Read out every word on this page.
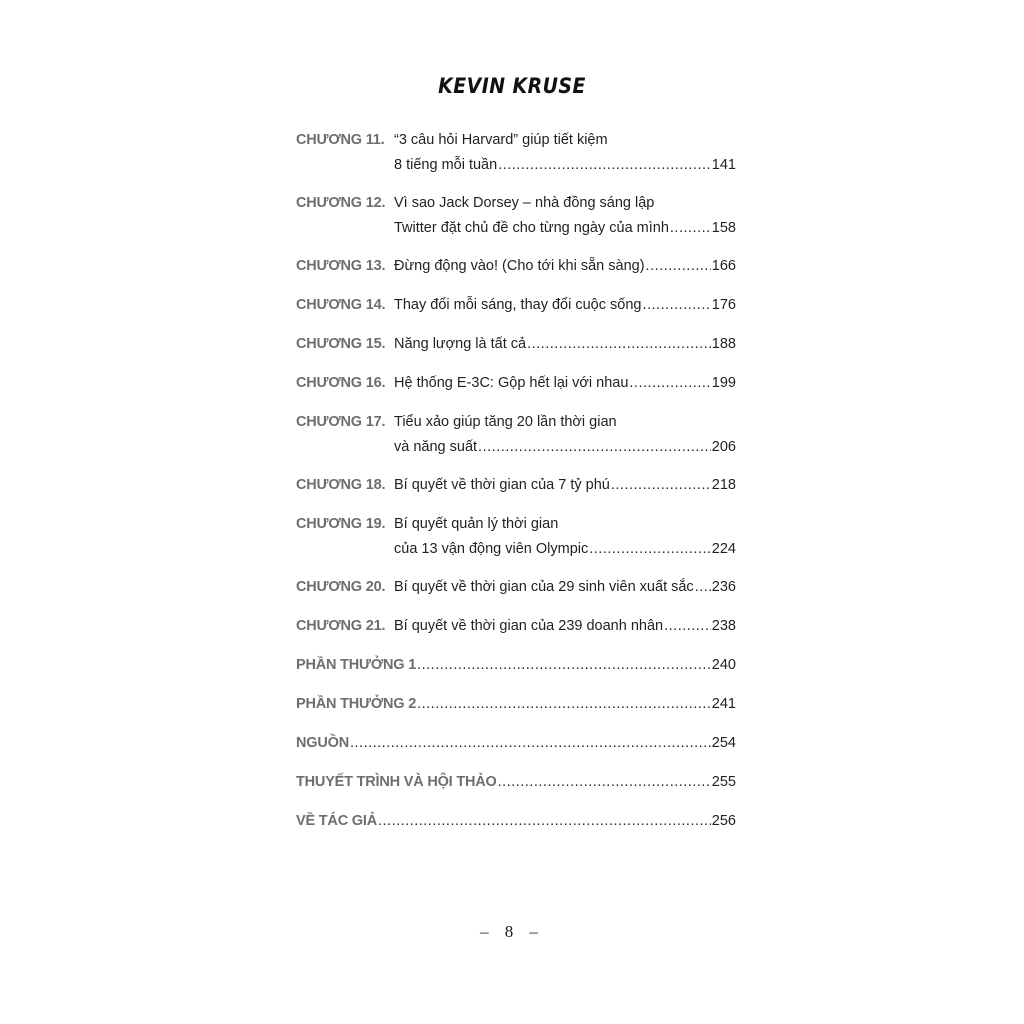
KEVIN KRUSE
CHƯƠNG 11. “3 câu hỏi Harvard” giúp tiết kiệm
8 tiếng mỗi tuần .....	141
CHƯƠNG 12. Vì sao Jack Dorsey – nhà đồng sáng lập
Twitter đặt chủ đề cho từng ngày của mình .....	158
CHƯƠNG 13. Đừng động vào! (Cho tới khi sẵn sàng) .....	166
CHƯƠNG 14. Thay đổi mỗi sáng, thay đổi cuộc sống .....	176
CHƯƠNG 15. Năng lượng là tất cả .....	188
CHƯƠNG 16. Hệ thống E-3C: Gộp hết lại với nhau .....	199
CHƯƠNG 17. Tiểu xảo giúp tăng 20 lần thời gian
và năng suất .....	206
CHƯƠNG 18. Bí quyết về thời gian của 7 tỷ phú .....	218
CHƯƠNG 19. Bí quyết quản lý thời gian
của 13 vận động viên Olympic .....	224
CHƯƠNG 20. Bí quyết về thời gian của 29 sinh viên xuất sắc ..... 236
CHƯƠNG 21. Bí quyết về thời gian của 239 doanh nhân .....	238
PHẦN THƯỞNG 1 .....	240
PHẦN THƯỞNG 2 .....	241
NGUỒN .....	254
THUYẾT TRÌNH VÀ HỘI THẢO .....	255
VỀ TÁC GIẢ .....	256
– 8 –
